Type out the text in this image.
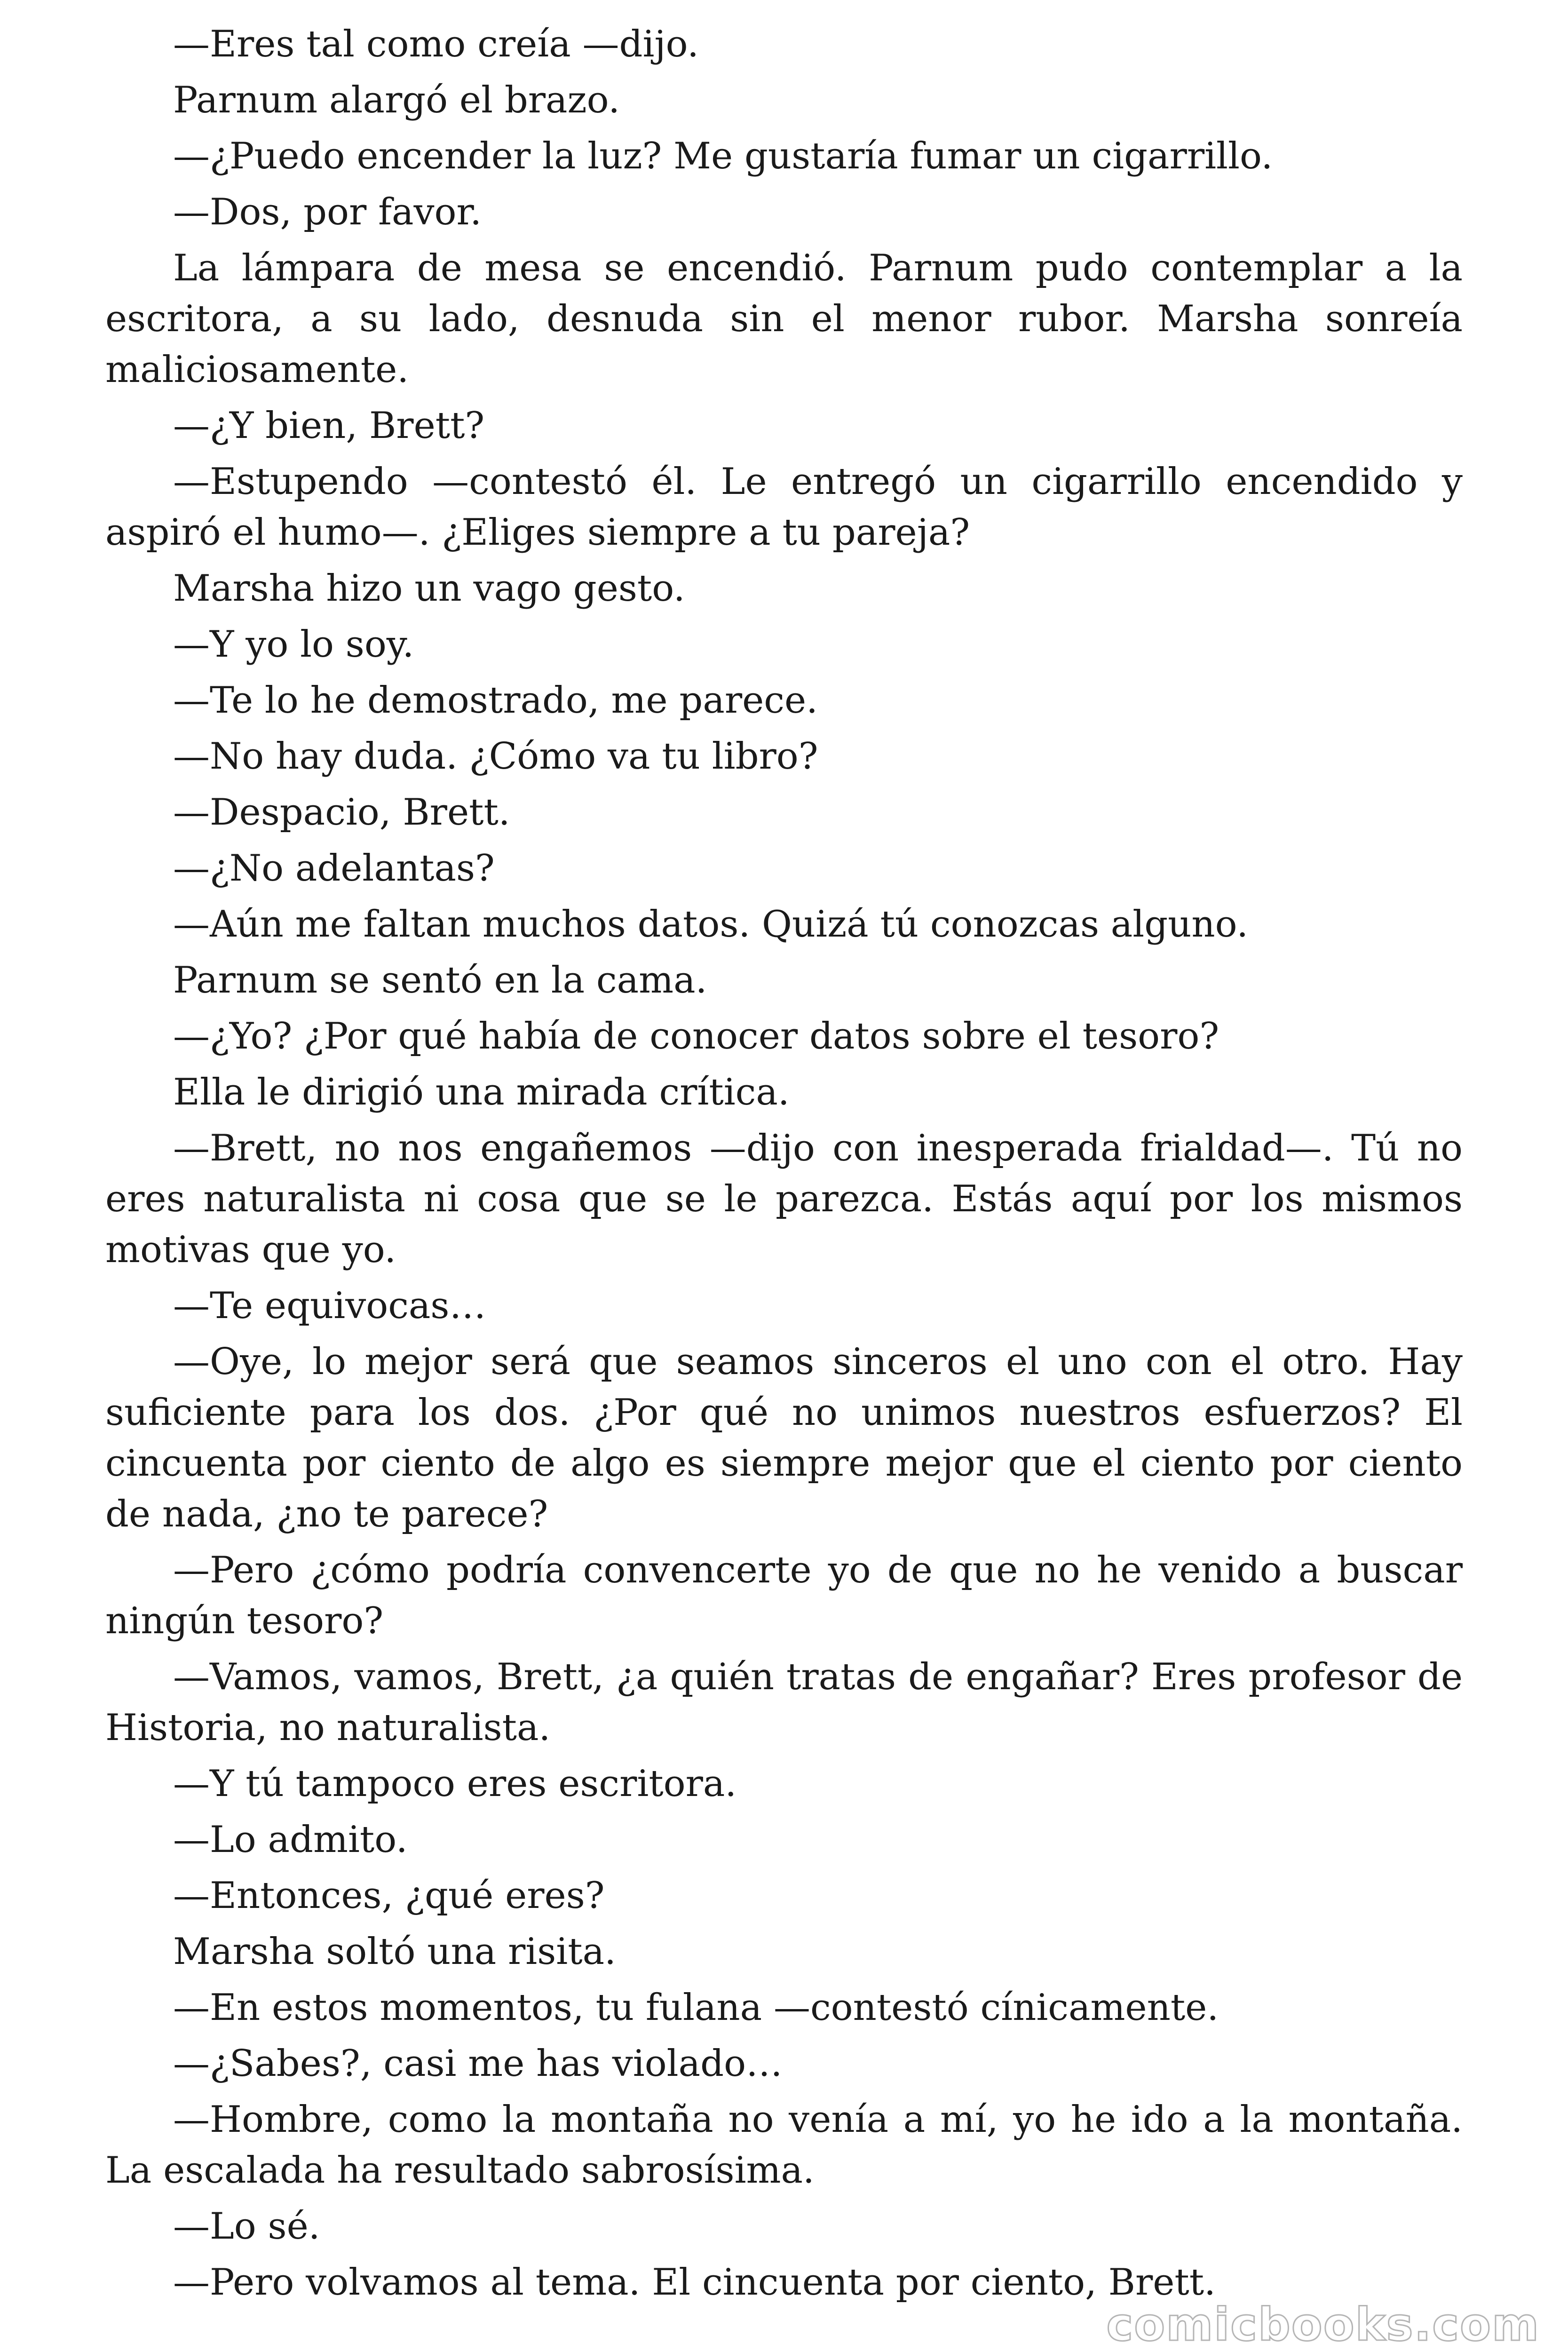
—Eres tal como creía —dijo.

Parnum alargó el brazo.

—¿Puedo encender la luz? Me gustaría fumar un cigarrillo.

—Dos, por favor.

La lámpara de mesa se encendió. Parnum pudo contemplar a la escritora, a su lado, desnuda sin el menor rubor. Marsha sonreía maliciosamente.

—¿Y bien, Brett?

—Estupendo —contestó él. Le entregó un cigarrillo encendido y aspiró el humo—. ¿Eliges siempre a tu pareja?

Marsha hizo un vago gesto.

—Y yo lo soy.

—Te lo he demostrado, me parece.

—No hay duda. ¿Cómo va tu libro?

—Despacio, Brett.

—¿No adelantas?

—Aún me faltan muchos datos. Quizá tú conozcas alguno.

Parnum se sentó en la cama.

—¿Yo? ¿Por qué había de conocer datos sobre el tesoro?

Ella le dirigió una mirada crítica.

—Brett, no nos engañemos —dijo con inesperada frialdad—. Tú no eres naturalista ni cosa que se le parezca. Estás aquí por los mismos motivas que yo.

—Te equivocas…

—Oye, lo mejor será que seamos sinceros el uno con el otro. Hay suficiente para los dos. ¿Por qué no unimos nuestros esfuerzos? El cincuenta por ciento de algo es siempre mejor que el ciento por ciento de nada, ¿no te parece?

—Pero ¿cómo podría convencerte yo de que no he venido a buscar ningún tesoro?

—Vamos, vamos, Brett, ¿a quién tratas de engañar? Eres profesor de Historia, no naturalista.

—Y tú tampoco eres escritora.

—Lo admito.

—Entonces, ¿qué eres?

Marsha soltó una risita.

—En estos momentos, tu fulana —contestó cínicamente.

—¿Sabes?, casi me has violado…

—Hombre, como la montaña no venía a mí, yo he ido a la montaña. La escalada ha resultado sabrosísima.

—Lo sé.

—Pero volvamos al tema. El cincuenta por ciento, Brett.

comicbooks.com
